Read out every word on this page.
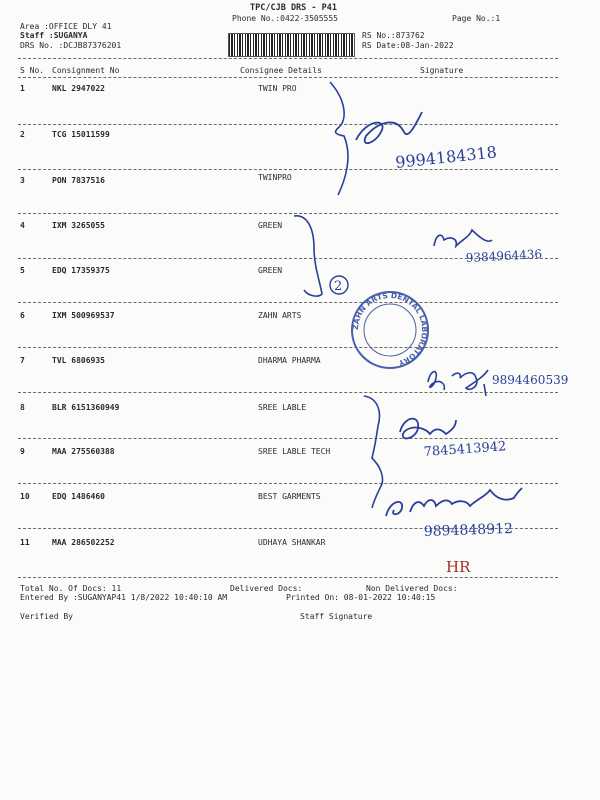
TPC/CJB DRS - P41
Phone No.:0422-3505555	Page No.:1
Area :OFFICE DLY 41
Staff :SUGANYA
DRS No. :DCJB87376201
RS No.:873762
RS Date:08-Jan-2022
S No. Consignment No	Consignee Details	Signature
1	NKL 2947022	TWIN PRO
2	TCG 15011599
3	PON 7837516	TWINPRO
4	IXM 3265055	GREEN
5	EDQ 17359375	GREEN
6	IXM 500969537	ZAHN ARTS
7	TVL 6806935	DHARMA PHARMA
8	BLR 6151360949	SREE LABLE
9	MAA 275560388	SREE LABLE TECH
10	EDQ 1486460	BEST GARMENTS
11	MAA 286502252	UDHAYA SHANKAR
Total No. Of Docs: 11	Delivered Docs:	Non Delivered Docs:
Entered By :SUGANYAP41 1/8/2022 10:40:10 AM	Printed On: 08-01-2022 10:40:15
Verified By	Staff Signature
9994184318
2
9384964436
ZAHN ARTS DENTAL LABORATORY
9894460539
7845413942
9894848912
HR
